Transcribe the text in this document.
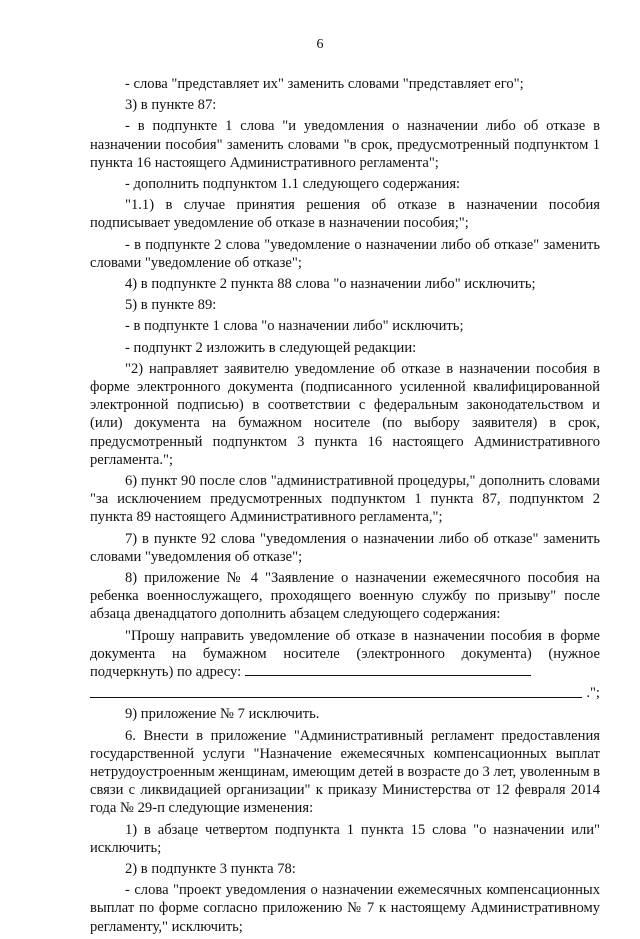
6

- слова "представляет их" заменить словами "представляет его";

3) в пункте 87:

- в подпункте 1 слова "и уведомления о назначении либо об отказе в назначении пособия" заменить словами "в срок, предусмотренный подпунктом 1 пункта 16 настоящего Административного регламента";

- дополнить подпунктом 1.1 следующего содержания:

"1.1) в случае принятия решения об отказе в назначении пособия подписывает уведомление об отказе в назначении пособия;";

- в подпункте 2 слова "уведомление о назначении либо об отказе" заменить словами "уведомление об отказе";

4) в подпункте 2 пункта 88 слова "о назначении либо" исключить;

5) в пункте 89:

- в подпункте 1 слова "о назначении либо" исключить;

- подпункт 2 изложить в следующей редакции:

"2) направляет заявителю уведомление об отказе в назначении пособия в форме электронного документа (подписанного усиленной квалифицированной электронной подписью) в соответствии с федеральным законодательством и (или) документа на бумажном носителе (по выбору заявителя) в срок, предусмотренный подпунктом 3 пункта 16 настоящего Административного регламента.";

6) пункт 90 после слов "административной процедуры," дополнить словами "за исключением предусмотренных подпунктом 1 пункта 87, подпунктом 2 пункта 89 настоящего Административного регламента,";

7) в пункте 92 слова "уведомления о назначении либо об отказе" заменить словами "уведомления об отказе";

8) приложение № 4 "Заявление о назначении ежемесячного пособия на ребенка военнослужащего, проходящего военную службу по призыву" после абзаца двенадцатого дополнить абзацем следующего содержания:

"Прошу направить уведомление об отказе в назначении пособия в форме документа на бумажном носителе (электронного документа) (нужное подчеркнуть) по адресу:

.";

9) приложение № 7 исключить.

6. Внести в приложение "Административный регламент предоставления государственной услуги "Назначение ежемесячных компенсационных выплат нетрудоустроенным женщинам, имеющим детей в возрасте до 3 лет, уволенным в связи с ликвидацией организации" к приказу Министерства от 12 февраля 2014 года № 29-п следующие изменения:

1) в абзаце четвертом подпункта 1 пункта 15 слова "о назначении или" исключить;

2) в подпункте 3 пункта 78:

- слова "проект уведомления о назначении ежемесячных компенсационных выплат по форме согласно приложению № 7 к настоящему Административному регламенту," исключить;
